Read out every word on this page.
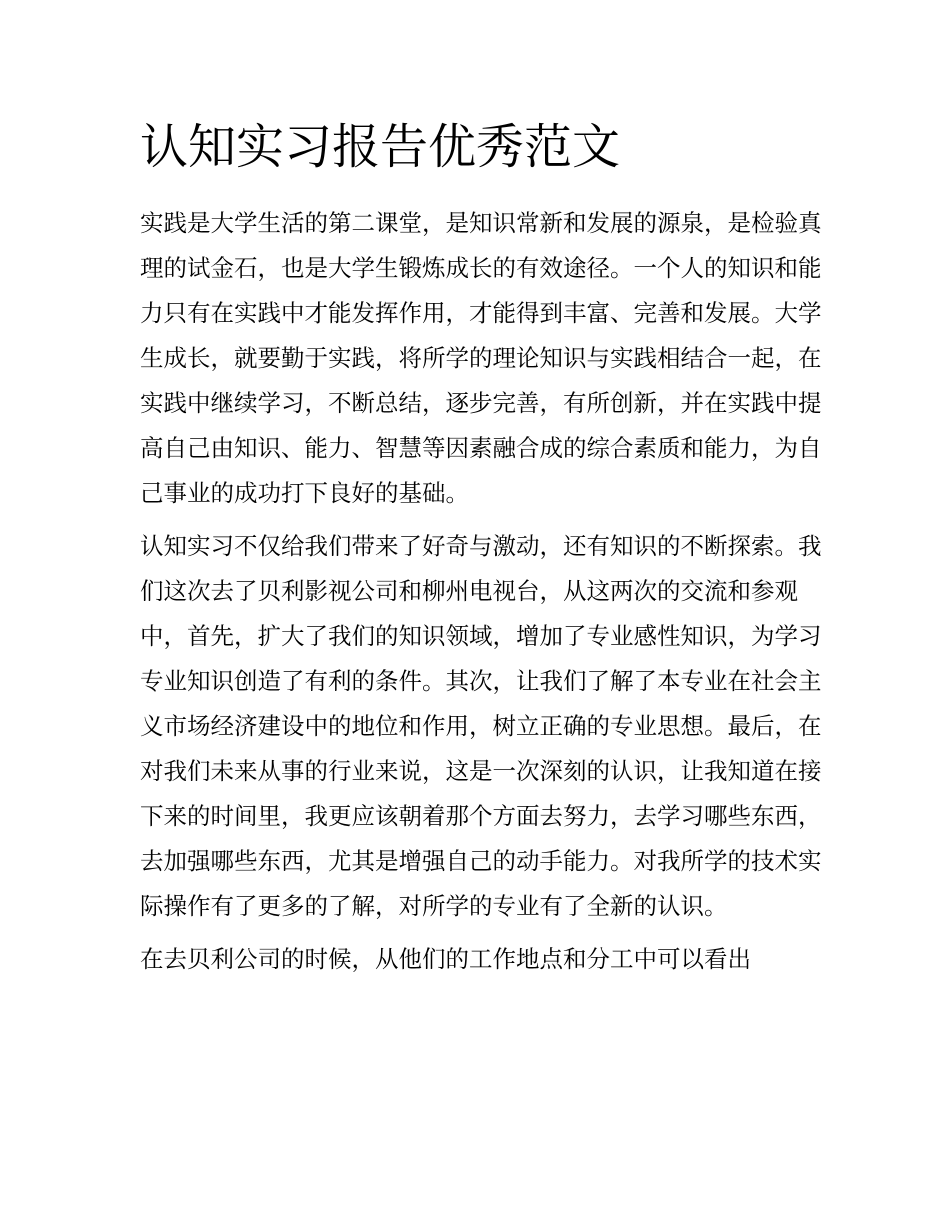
认知实习报告优秀范文

实践是大学生活的第二课堂，是知识常新和发展的源泉，是检验真理的试金石，也是大学生锻炼成长的有效途径。一个人的知识和能力只有在实践中才能发挥作用，才能得到丰富、完善和发展。大学生成长，就要勤于实践，将所学的理论知识与实践相结合一起，在实践中继续学习，不断总结，逐步完善，有所创新，并在实践中提高自己由知识、能力、智慧等因素融合成的综合素质和能力，为自己事业的成功打下良好的基础。

认知实习不仅给我们带来了好奇与激动，还有知识的不断探索。我们这次去了贝利影视公司和柳州电视台，从这两次的交流和参观中，首先，扩大了我们的知识领域，增加了专业感性知识，为学习专业知识创造了有利的条件。其次，让我们了解了本专业在社会主义市场经济建设中的地位和作用，树立正确的专业思想。最后，在对我们未来从事的行业来说，这是一次深刻的认识，让我知道在接下来的时间里，我更应该朝着那个方面去努力，去学习哪些东西，去加强哪些东西，尤其是增强自己的动手能力。对我所学的技术实际操作有了更多的了解，对所学的专业有了全新的认识。

在去贝利公司的时候，从他们的工作地点和分工中可以看出
